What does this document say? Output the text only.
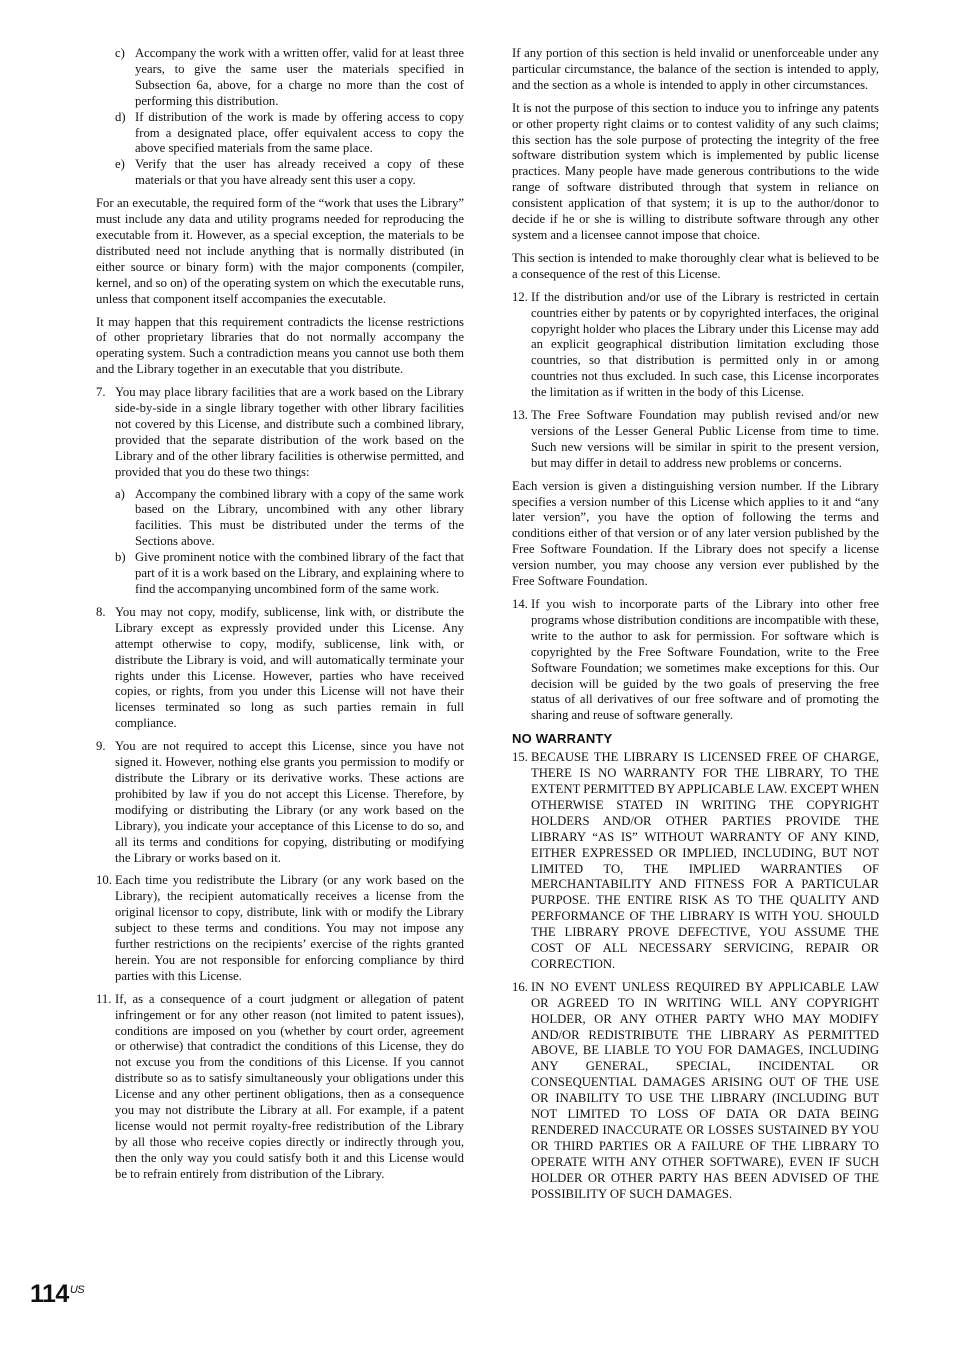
c) Accompany the work with a written offer, valid for at least three years, to give the same user the materials specified in Subsection 6a, above, for a charge no more than the cost of performing this distribution.
d) If distribution of the work is made by offering access to copy from a designated place, offer equivalent access to copy the above specified materials from the same place.
e) Verify that the user has already received a copy of these materials or that you have already sent this user a copy.

For an executable, the required form of the “work that uses the Library” must include any data and utility programs needed for reproducing the executable from it. However, as a special exception, the materials to be distributed need not include anything that is normally distributed (in either source or binary form) with the major components (compiler, kernel, and so on) of the operating system on which the executable runs, unless that component itself accompanies the executable.

It may happen that this requirement contradicts the license restrictions of other proprietary libraries that do not normally accompany the operating system. Such a contradiction means you cannot use both them and the Library together in an executable that you distribute.

7. You may place library facilities that are a work based on the Library side-by-side in a single library together with other library facilities not covered by this License, and distribute such a combined library, provided that the separate distribution of the work based on the Library and of the other library facilities is otherwise permitted, and provided that you do these two things:
a) Accompany the combined library with a copy of the same work based on the Library, uncombined with any other library facilities. This must be distributed under the terms of the Sections above.
b) Give prominent notice with the combined library of the fact that part of it is a work based on the Library, and explaining where to find the accompanying uncombined form of the same work.
8. You may not copy, modify, sublicense, link with, or distribute the Library except as expressly provided under this License. Any attempt otherwise to copy, modify, sublicense, link with, or distribute the Library is void, and will automatically terminate your rights under this License. However, parties who have received copies, or rights, from you under this License will not have their licenses terminated so long as such parties remain in full compliance.
9. You are not required to accept this License, since you have not signed it. However, nothing else grants you permission to modify or distribute the Library or its derivative works. These actions are prohibited by law if you do not accept this License. Therefore, by modifying or distributing the Library (or any work based on the Library), you indicate your acceptance of this License to do so, and all its terms and conditions for copying, distributing or modifying the Library or works based on it.
10. Each time you redistribute the Library (or any work based on the Library), the recipient automatically receives a license from the original licensor to copy, distribute, link with or modify the Library subject to these terms and conditions. You may not impose any further restrictions on the recipients’ exercise of the rights granted herein. You are not responsible for enforcing compliance by third parties with this License.
11. If, as a consequence of a court judgment or allegation of patent infringement or for any other reason (not limited to patent issues), conditions are imposed on you (whether by court order, agreement or otherwise) that contradict the conditions of this License, they do not excuse you from the conditions of this License. If you cannot distribute so as to satisfy simultaneously your obligations under this License and any other pertinent obligations, then as a consequence you may not distribute the Library at all. For example, if a patent license would not permit royalty-free redistribution of the Library by all those who receive copies directly or indirectly through you, then the only way you could satisfy both it and this License would be to refrain entirely from distribution of the Library.

If any portion of this section is held invalid or unenforceable under any particular circumstance, the balance of the section is intended to apply, and the section as a whole is intended to apply in other circumstances.

It is not the purpose of this section to induce you to infringe any patents or other property right claims or to contest validity of any such claims; this section has the sole purpose of protecting the integrity of the free software distribution system which is implemented by public license practices. Many people have made generous contributions to the wide range of software distributed through that system in reliance on consistent application of that system; it is up to the author/donor to decide if he or she is willing to distribute software through any other system and a licensee cannot impose that choice.

This section is intended to make thoroughly clear what is believed to be a consequence of the rest of this License.

12. If the distribution and/or use of the Library is restricted in certain countries either by patents or by copyrighted interfaces, the original copyright holder who places the Library under this License may add an explicit geographical distribution limitation excluding those countries, so that distribution is permitted only in or among countries not thus excluded. In such case, this License incorporates the limitation as if written in the body of this License.
13. The Free Software Foundation may publish revised and/or new versions of the Lesser General Public License from time to time. Such new versions will be similar in spirit to the present version, but may differ in detail to address new problems or concerns.

Each version is given a distinguishing version number. If the Library specifies a version number of this License which applies to it and “any later version”, you have the option of following the terms and conditions either of that version or of any later version published by the Free Software Foundation. If the Library does not specify a license version number, you may choose any version ever published by the Free Software Foundation.

14. If you wish to incorporate parts of the Library into other free programs whose distribution conditions are incompatible with these, write to the author to ask for permission. For software which is copyrighted by the Free Software Foundation, write to the Free Software Foundation; we sometimes make exceptions for this. Our decision will be guided by the two goals of preserving the free status of all derivatives of our free software and of promoting the sharing and reuse of software generally.
NO WARRANTY
15. BECAUSE THE LIBRARY IS LICENSED FREE OF CHARGE, THERE IS NO WARRANTY FOR THE LIBRARY, TO THE EXTENT PERMITTED BY APPLICABLE LAW. EXCEPT WHEN OTHERWISE STATED IN WRITING THE COPYRIGHT HOLDERS AND/OR OTHER PARTIES PROVIDE THE LIBRARY “AS IS” WITHOUT WARRANTY OF ANY KIND, EITHER EXPRESSED OR IMPLIED, INCLUDING, BUT NOT LIMITED TO, THE IMPLIED WARRANTIES OF MERCHANTABILITY AND FITNESS FOR A PARTICULAR PURPOSE. THE ENTIRE RISK AS TO THE QUALITY AND PERFORMANCE OF THE LIBRARY IS WITH YOU. SHOULD THE LIBRARY PROVE DEFECTIVE, YOU ASSUME THE COST OF ALL NECESSARY SERVICING, REPAIR OR CORRECTION.
16. IN NO EVENT UNLESS REQUIRED BY APPLICABLE LAW OR AGREED TO IN WRITING WILL ANY COPYRIGHT HOLDER, OR ANY OTHER PARTY WHO MAY MODIFY AND/OR REDISTRIBUTE THE LIBRARY AS PERMITTED ABOVE, BE LIABLE TO YOU FOR DAMAGES, INCLUDING ANY GENERAL, SPECIAL, INCIDENTAL OR CONSEQUENTIAL DAMAGES ARISING OUT OF THE USE OR INABILITY TO USE THE LIBRARY (INCLUDING BUT NOT LIMITED TO LOSS OF DATA OR DATA BEING RENDERED INACCURATE OR LOSSES SUSTAINED BY YOU OR THIRD PARTIES OR A FAILURE OF THE LIBRARY TO OPERATE WITH ANY OTHER SOFTWARE), EVEN IF SUCH HOLDER OR OTHER PARTY HAS BEEN ADVISED OF THE POSSIBILITY OF SUCH DAMAGES.
$114^{US}$
